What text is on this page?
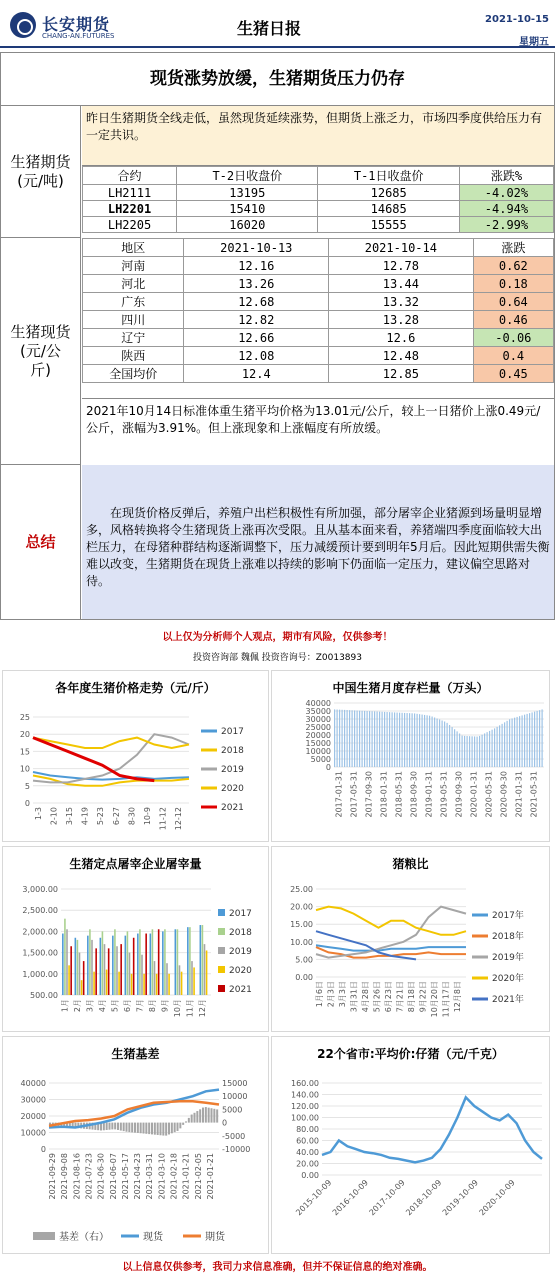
长安期货
CHANG-AN.FUTURES	生猪日报	2021-10-15
星期五
现货涨势放缓，生猪期货压力仍存
生猪期货
(元/吨)
昨日生猪期货全线走低，虽然现货延续涨势，但期货上涨乏力，市场四季度供给压力有一定共识。
合约	T-2日收盘价	T-1日收盘价	涨跌%
LH2111	13195	12685	-4.02%
LH2201	15410	14685	-4.94%
LH2205	16020	15555	-2.99%
生猪现货
(元/公
斤)
地区	2021-10-13	2021-10-14	涨跌
河南	12.16	12.78	0.62
河北	13.26	13.44	0.18
广东	12.68	13.32	0.64
四川	12.82	13.28	0.46
辽宁	12.66	12.6	-0.06
陕西	12.08	12.48	0.4
全国均价	12.4	12.85	0.45
2021年10月14日标准体重生猪平均价格为13.01元/公斤，较上一日猪价上涨0.49元/公斤，涨幅为3.91%。但上涨现象和上涨幅度有所放缓。
总结
在现货价格反弹后，养殖户出栏积极性有所加强，部分屠宰企业猪源到场量明显增多，风格转换将令生猪现货上涨再次受限。且从基本面来看，养猪端四季度面临较大出栏压力，在母猪种群结构逐渐调整下，压力减缓预计要到明年5月后。因此短期供需失衡难以改变，生猪期货在现货上涨难以持续的影响下仍面临一定压力，建议偏空思路对待。
以上仅为分析师个人观点，期市有风险，仅供参考！
投资咨询部 魏佩 投资咨询号：Z0013893
各年度生猪价格走势（元/斤）
0
5
10
15
20
25
1-3 2-10 3-15 4-19 5-23 6-27 8-30 10-9 11-12 12-12
2017
2018
2019
2020
2021
中国生猪月度存栏量（万头）
0
5000
10000
15000
20000
25000
30000
35000
40000
2017-01-31 2017-05-31 2017-09-30 2018-01-31 2018-05-31 2018-09-30 2019-01-31 2019-05-31 2019-09-30 2020-01-31 2020-05-31 2020-09-30 2021-01-31 2021-05-31
生猪定点屠宰企业屠宰量
500.00
1,000.00
1,500.00
2,000.00
2,500.00
3,000.00
1月 2月 3月 4月 5月 6月 7月 8月 9月 10月 11月 12月
2017
2018
2019
2020
2021
猪粮比
0.00
5.00
10.00
15.00
20.00
25.00
1月6日 2月3日 3月3日 3月31日 4月28日 5月26日 6月23日 7月21日 8月18日 9月22日 10月20日 11月17日 12月8日
2017年
2018年
2019年
2020年
2021年
生猪基差
0
10000
20000
30000
40000
-10000
-5000
0
5000
10000
15000
2021-09-29 2021-09-08 2021-08-16 2021-07-23 2021-06-30 2021-06-07 2021-05-17 2021-04-23 2021-03-31 2021-03-10 2021-02-18 2021-01-21 2021-02-05 2021-01-21
基差（右）	现货	期货
22个省市:平均价:仔猪（元/千克）
0.00
20.00
40.00
60.00
80.00
100.00
120.00
140.00
160.00
2015-10-09
2016-10-09
2017-10-09
2018-10-09
2019-10-09
2020-10-09
以上信息仅供参考，我司力求信息准确，但并不保证信息的绝对准确。
